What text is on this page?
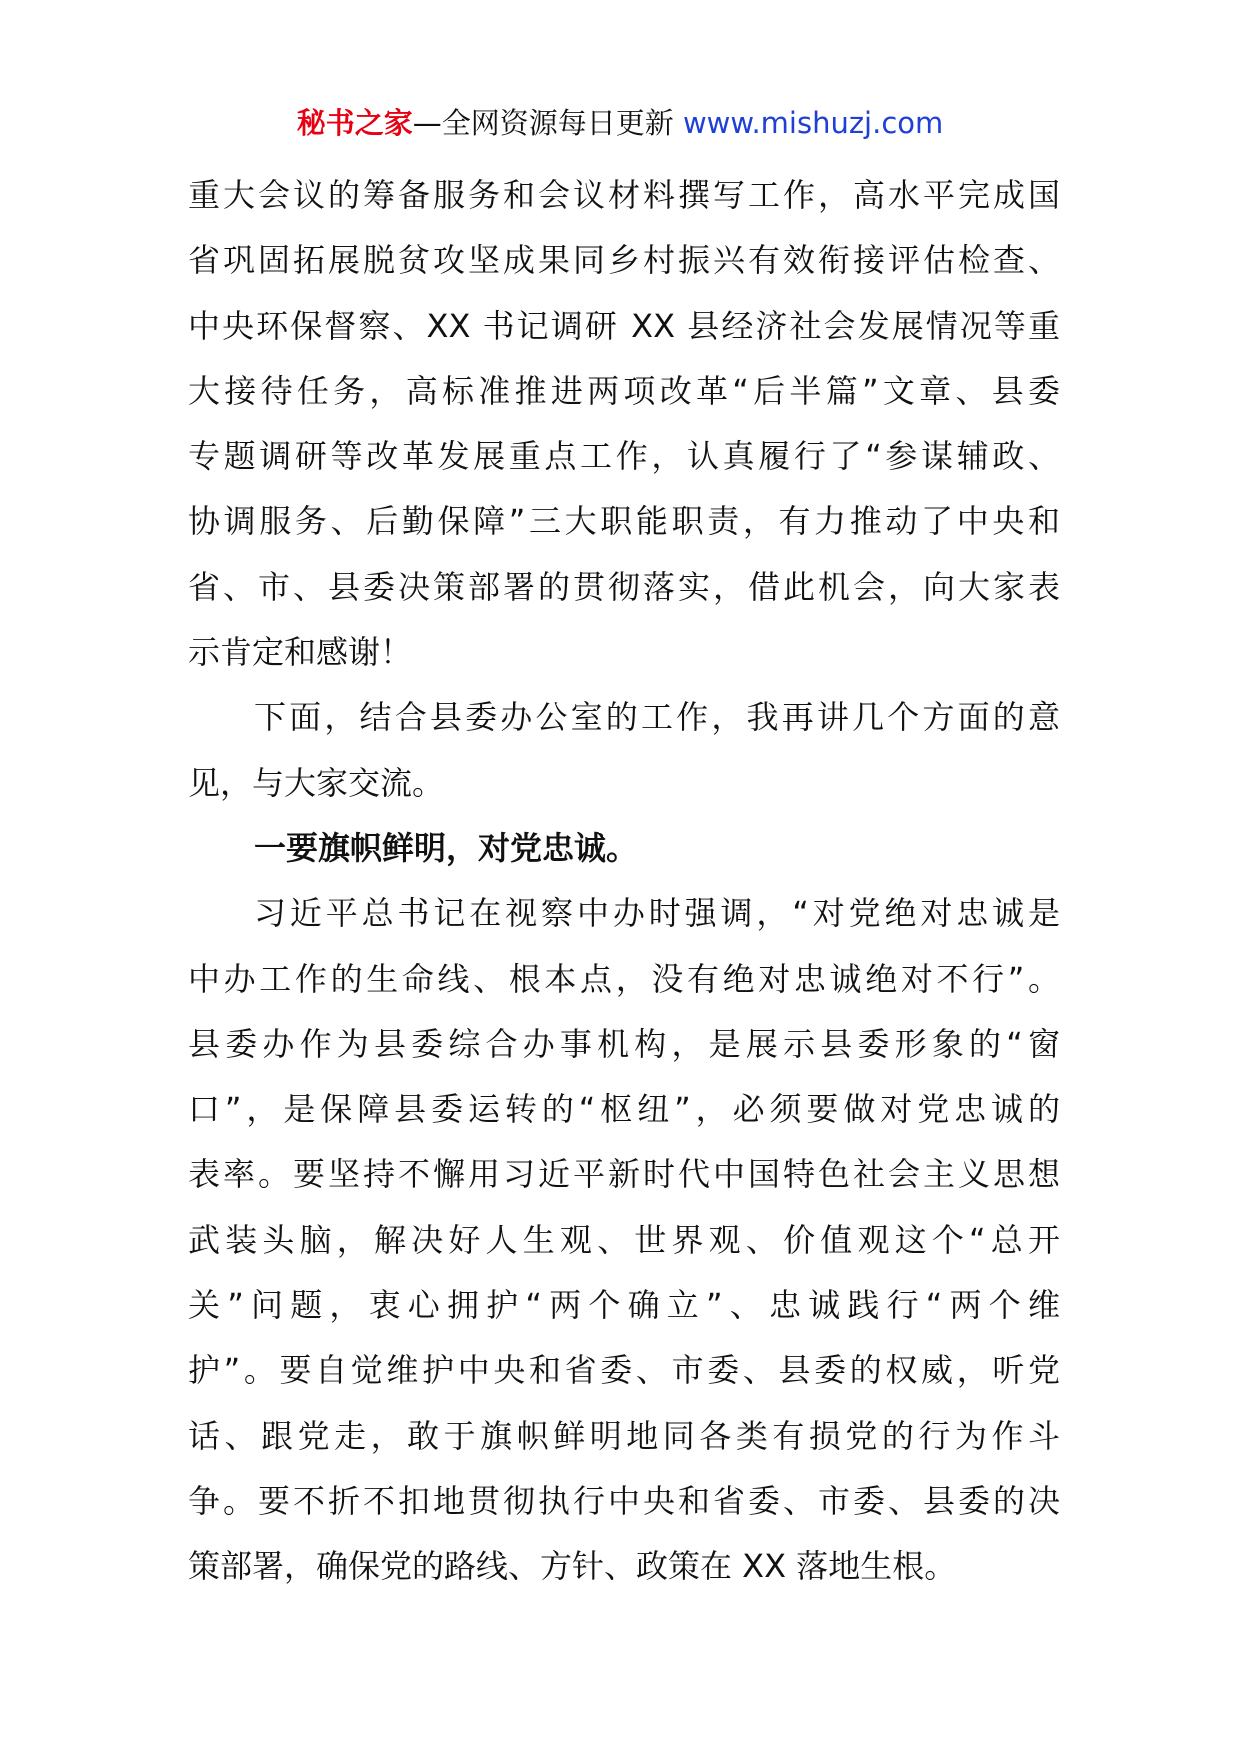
秘书之家—全网资源每日更新 www.mishuzj.com
重大会议的筹备服务和会议材料撰写工作，高水平完成国
省巩固拓展脱贫攻坚成果同乡村振兴有效衔接评估检查、
中央环保督察、XX 书记调研 XX 县经济社会发展情况等重
大接待任务，高标准推进两项改革“后半篇”文章、县委
专题调研等改革发展重点工作，认真履行了“参谋辅政、
协调服务、后勤保障”三大职能职责，有力推动了中央和
省、市、县委决策部署的贯彻落实，借此机会，向大家表
示肯定和感谢！
下面，结合县委办公室的工作，我再讲几个方面的意
见，与大家交流。
一要旗帜鲜明，对党忠诚。
习近平总书记在视察中办时强调，“对党绝对忠诚是
中办工作的生命线、根本点，没有绝对忠诚绝对不行”。
县委办作为县委综合办事机构，是展示县委形象的“窗
口”，是保障县委运转的“枢纽”，必须要做对党忠诚的
表率。要坚持不懈用习近平新时代中国特色社会主义思想
武装头脑，解决好人生观、世界观、价值观这个“总开
关”问题，衷心拥护“两个确立”、忠诚践行“两个维
护”。要自觉维护中央和省委、市委、县委的权威，听党
话、跟党走，敢于旗帜鲜明地同各类有损党的行为作斗
争。要不折不扣地贯彻执行中央和省委、市委、县委的决
策部署，确保党的路线、方针、政策在 XX 落地生根。
